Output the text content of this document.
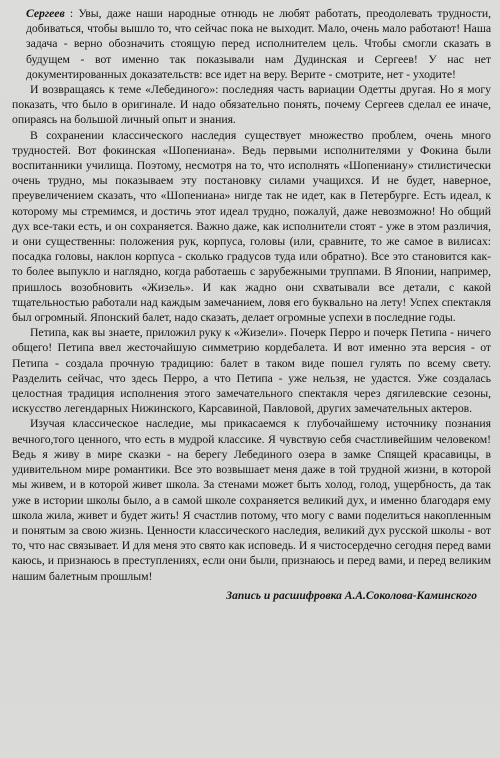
Сергеев : Увы, даже наши народные отнюдь не любят работать, преодолевать трудности, добиваться, чтобы вышло то, что сейчас пока не выходит. Мало, очень мало работают! Наша задача - верно обозначить стоящую перед исполнителем цель. Чтобы смогли сказать в будущем - вот именно так показывали нам Дудинская и Сергеев! У нас нет документированных доказательств: все идет на веру. Верите - смотрите, нет - уходите!

И возвращаясь к теме «Лебединого»: последняя часть вариации Одетты другая. Но я могу показать, что было в оригинале. И надо обязательно понять, почему Сергеев сделал ее иначе, опираясь на большой личный опыт и знания.

В сохранении классического наследия существует множество проблем, очень много трудностей. Вот фокинская «Шопениана». Ведь первыми исполнителями у Фокина были воспитанники училища. Поэтому, несмотря на то, что исполнять «Шопениану» стилистически очень трудно, мы показываем эту постановку силами учащихся. И не будет, наверное, преувеличением сказать, что «Шопениана» нигде так не идет, как в Петербурге. Есть идеал, к которому мы стремимся, и достичь этот идеал трудно, пожалуй, даже невозможно! Но общий дух все-таки есть, и он сохраняется. Важно даже, как исполнители стоят - уже в этом различия, и они существенны: положения рук, корпуса, головы (или, сравните, то же самое в вилисах: посадка головы, наклон корпуса - сколько градусов туда или обратно). Все это становится как-то более выпукло и наглядно, когда работаешь с зарубежными труппами. В Японии, например, пришлось возобновить «Жизель». И как жадно они схватывали все детали, с какой тщательностью работали над каждым замечанием, ловя его буквально на лету! Успех спектакля был огромный. Японский балет, надо сказать, делает огромные успехи в последние годы.

Петипа, как вы знаете, приложил руку к «Жизели». Почерк Перро и почерк Петипа - ничего общего! Петипа ввел жесточайшую симметрию кордебалета. И вот именно эта версия - от Петипа - создала прочную традицию: балет в таком виде пошел гулять по всему свету. Разделить сейчас, что здесь Перро, а что Петипа - уже нельзя, не удастся. Уже создалась целостная традиция исполнения этого замечательного спектакля через дягилевские сезоны, искусство легендарных Нижинского, Карсавиной, Павловой, других замечательных актеров.

Изучая классическое наследие, мы прикасаемся к глубочайшему источнику познания вечного,того ценного, что есть в мудрой классике. Я чувствую себя счастливейшим человеком! Ведь я живу в мире сказки - на берегу Лебединого озера в замке Спящей красавицы, в удивительном мире романтики. Все это возвышает меня даже в той трудной жизни, в которой мы живем, и в которой живет школа. За стенами может быть холод, голод, ущербность, да так уже в истории школы было, а в самой школе сохраняется великий дух, и именно благодаря ему школа жила, живет и будет жить! Я счастлив потому, что могу с вами поделиться накопленным и понятым за свою жизнь. Ценности классического наследия, великий дух русской школы - вот то, что нас связывает. И для меня это свято как исповедь. И я чистосердечно сегодня перед вами каюсь, и признаюсь в преступлениях, если они были, признаюсь и перед вами, и перед великим нашим балетным прошлым!

Запись и расшифровка А.А.Соколова-Каминского
